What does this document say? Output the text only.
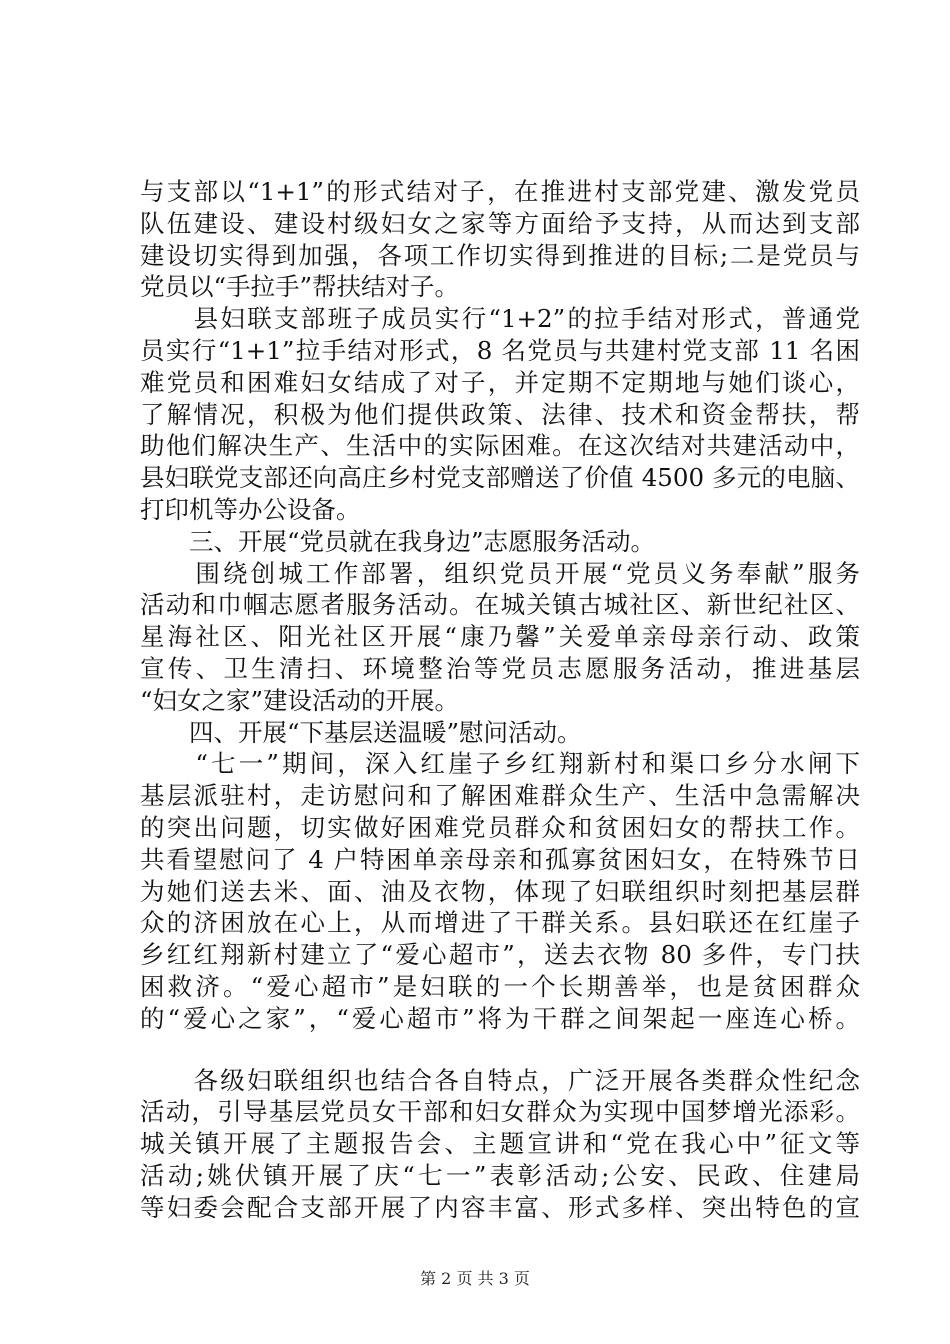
与支部以“1+1”的形式结对子，在推进村支部党建、激发党员
队伍建设、建设村级妇女之家等方面给予支持，从而达到支部
建设切实得到加强，各项工作切实得到推进的目标;二是党员与
党员以“手拉手”帮扶结对子。
　　县妇联支部班子成员实行“1+2”的拉手结对形式，普通党
员实行“1+1”拉手结对形式，8 名党员与共建村党支部 11 名困
难党员和困难妇女结成了对子，并定期不定期地与她们谈心，
了解情况，积极为他们提供政策、法律、技术和资金帮扶，帮
助他们解决生产、生活中的实际困难。在这次结对共建活动中，
县妇联党支部还向高庄乡村党支部赠送了价值 4500 多元的电脑、
打印机等办公设备。
　　三、开展“党员就在我身边”志愿服务活动。
　　围绕创城工作部署，组织党员开展“党员义务奉献”服务
活动和巾帼志愿者服务活动。在城关镇古城社区、新世纪社区、
星海社区、阳光社区开展“康乃馨”关爱单亲母亲行动、政策
宣传、卫生清扫、环境整治等党员志愿服务活动，推进基层
“妇女之家”建设活动的开展。
　　四、开展“下基层送温暖”慰问活动。
　　“七一”期间，深入红崖子乡红翔新村和渠口乡分水闸下
基层派驻村，走访慰问和了解困难群众生产、生活中急需解决
的突出问题，切实做好困难党员群众和贫困妇女的帮扶工作。
共看望慰问了 4 户特困单亲母亲和孤寡贫困妇女，在特殊节日
为她们送去米、面、油及衣物，体现了妇联组织时刻把基层群
众的济困放在心上，从而增进了干群关系。县妇联还在红崖子
乡红红翔新村建立了“爱心超市”，送去衣物 80 多件，专门扶
困救济。“爱心超市”是妇联的一个长期善举，也是贫困群众
的“爱心之家”，“爱心超市”将为干群之间架起一座连心桥。
　　各级妇联组织也结合各自特点，广泛开展各类群众性纪念
活动，引导基层党员女干部和妇女群众为实现中国梦增光添彩。
城关镇开展了主题报告会、主题宣讲和“党在我心中”征文等
活动;姚伏镇开展了庆“七一”表彰活动;公安、民政、住建局
等妇委会配合支部开展了内容丰富、形式多样、突出特色的宣
第 2 页 共 3 页
